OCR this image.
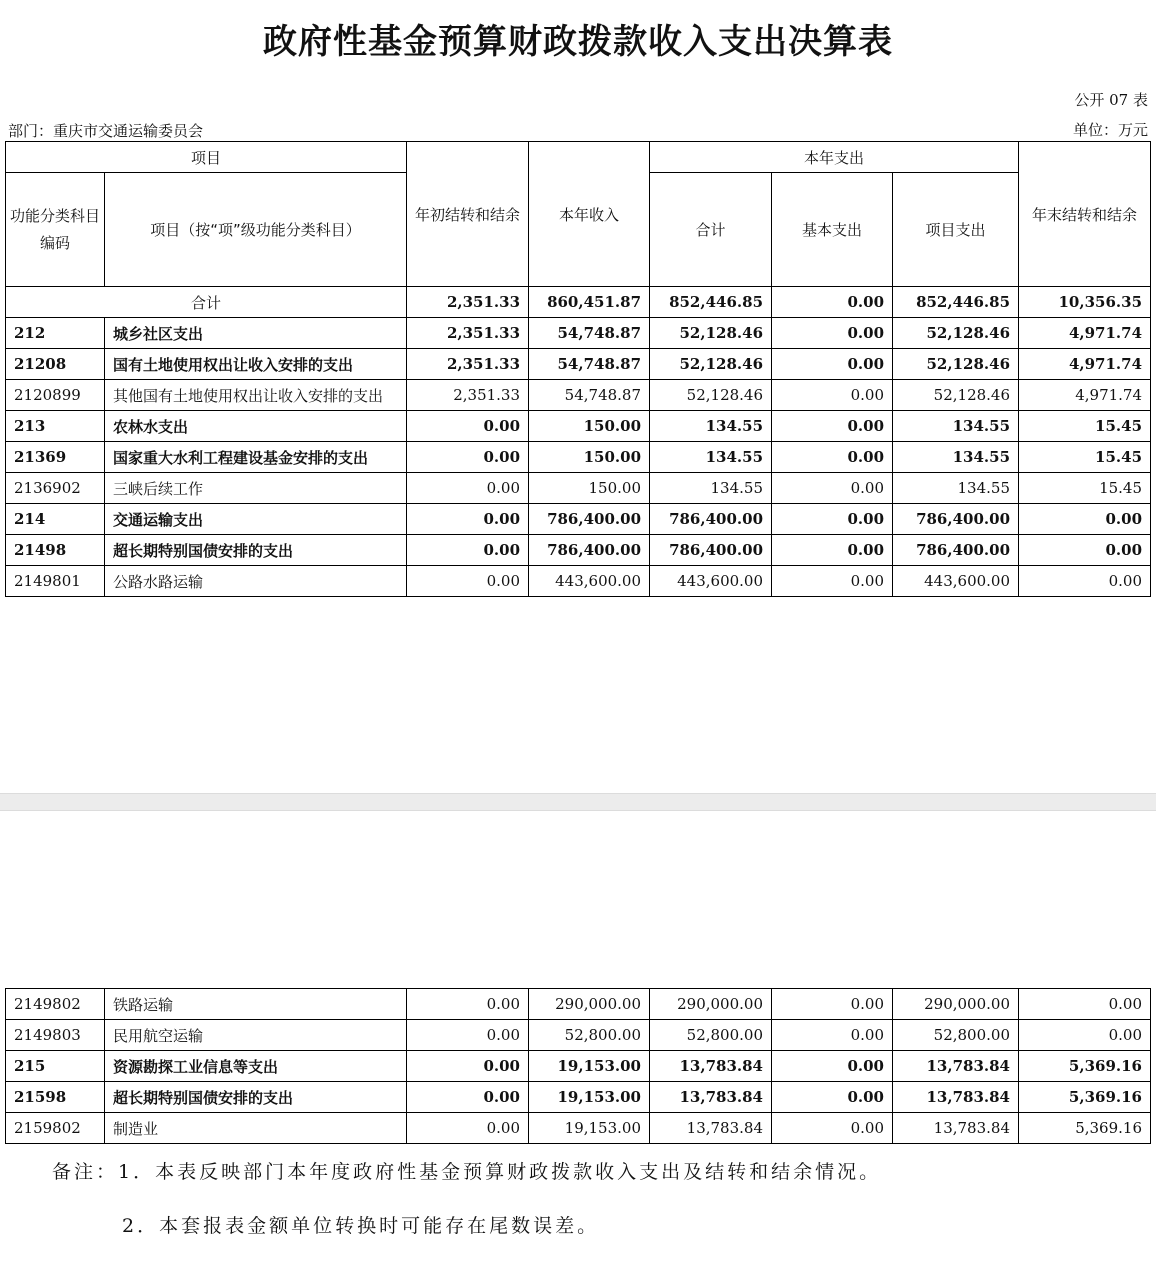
政府性基金预算财政拨款收入支出决算表
公开 07 表
部门：重庆市交通运输委员会	单位：万元
项目		年初结转和结余	本年收入	本年支出			年末结转和结余
功能分类科目编码	项目（按“项”级功能分类科目）			合计	基本支出	项目支出	
合计		2,351.33	860,451.87	852,446.85	0.00	852,446.85	10,356.35
212	城乡社区支出	2,351.33	54,748.87	52,128.46	0.00	52,128.46	4,971.74
21208	国有土地使用权出让收入安排的支出	2,351.33	54,748.87	52,128.46	0.00	52,128.46	4,971.74
2120899	其他国有土地使用权出让收入安排的支出	2,351.33	54,748.87	52,128.46	0.00	52,128.46	4,971.74
213	农林水支出	0.00	150.00	134.55	0.00	134.55	15.45
21369	国家重大水利工程建设基金安排的支出	0.00	150.00	134.55	0.00	134.55	15.45
2136902	三峡后续工作	0.00	150.00	134.55	0.00	134.55	15.45
214	交通运输支出	0.00	786,400.00	786,400.00	0.00	786,400.00	0.00
21498	超长期特别国债安排的支出	0.00	786,400.00	786,400.00	0.00	786,400.00	0.00
2149801	公路水路运输	0.00	443,600.00	443,600.00	0.00	443,600.00	0.00
2149802	铁路运输	0.00	290,000.00	290,000.00	0.00	290,000.00	0.00
2149803	民用航空运输	0.00	52,800.00	52,800.00	0.00	52,800.00	0.00
215	资源勘探工业信息等支出	0.00	19,153.00	13,783.84	0.00	13,783.84	5,369.16
21598	超长期特别国债安排的支出	0.00	19,153.00	13,783.84	0.00	13,783.84	5,369.16
2159802	制造业	0.00	19,153.00	13,783.84	0.00	13,783.84	5,369.16
备注：1．本表反映部门本年度政府性基金预算财政拨款收入支出及结转和结余情况。
2．本套报表金额单位转换时可能存在尾数误差。
